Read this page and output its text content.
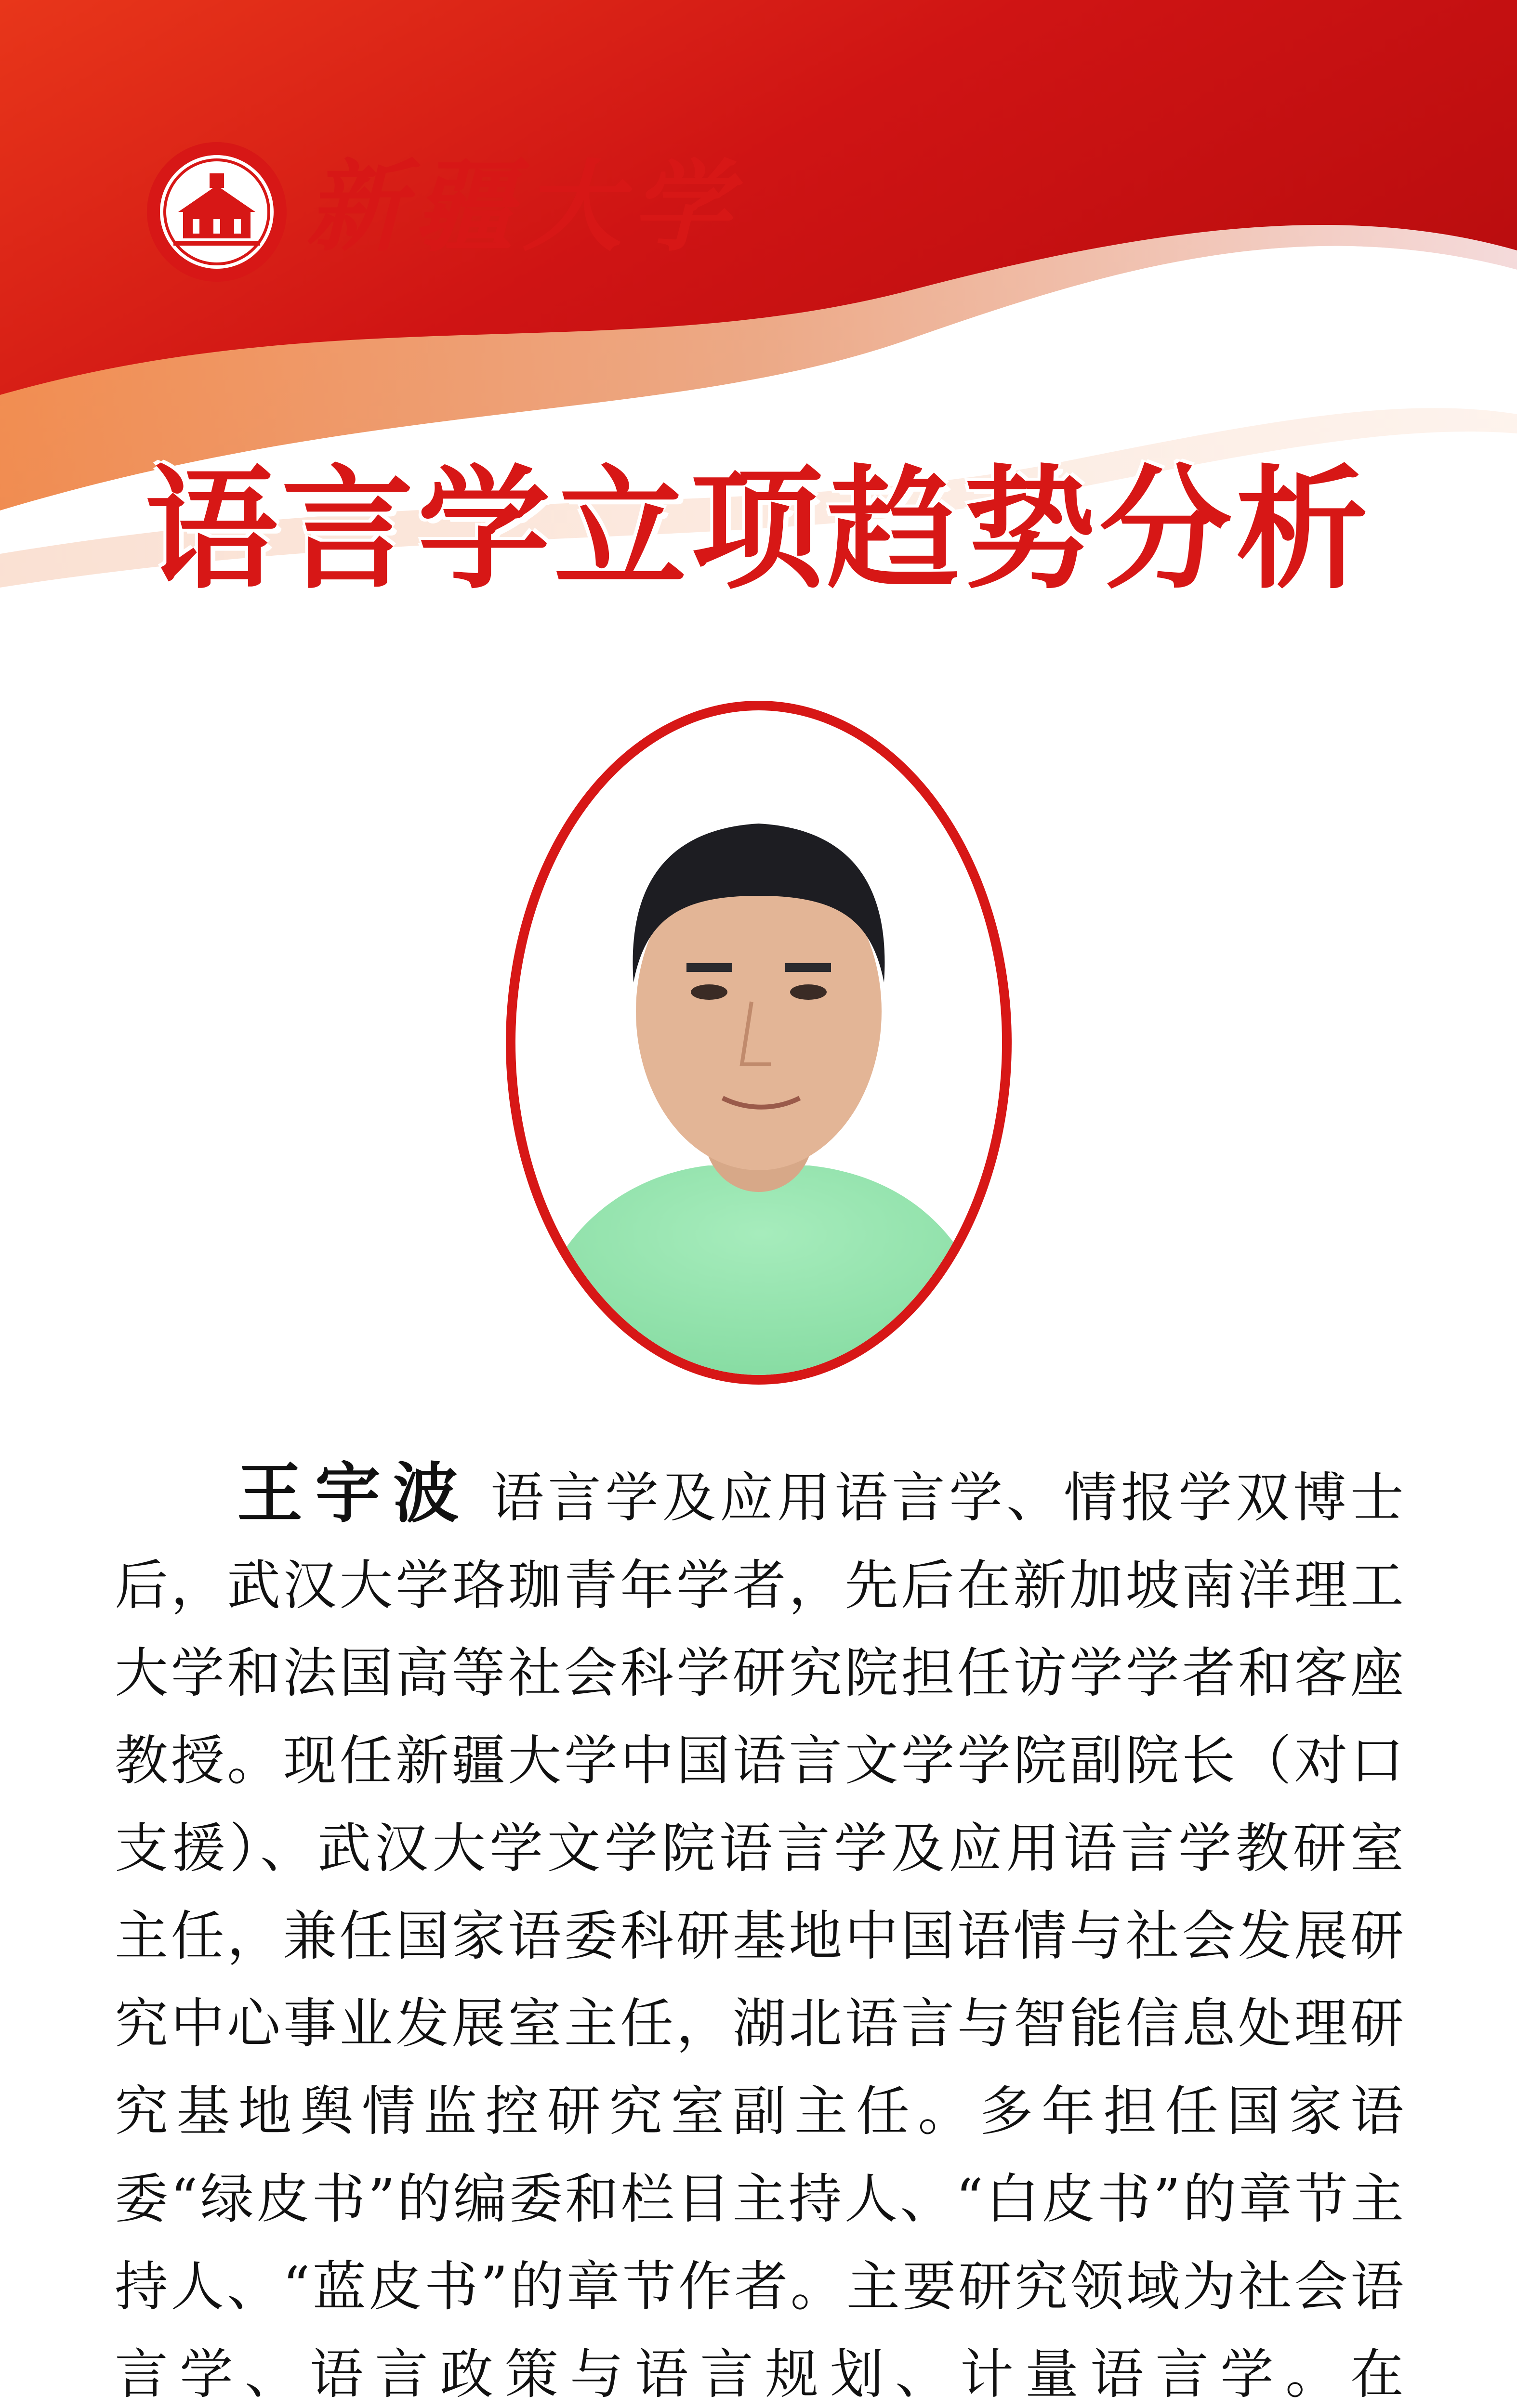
新疆大学
语言学立项趋势分析
王宇波 语言学及应用语言学、情报学双博士后，武汉大学珞珈青年学者，先后在新加坡南洋理工大学和法国高等社会科学研究院担任访学学者和客座教授。现任新疆大学中国语言文学学院副院长（对口支援）、武汉大学文学院语言学及应用语言学教研室主任，兼任国家语委科研基地中国语情与社会发展研究中心事业发展室主任，湖北语言与智能信息处理研究基地舆情监控研究室副主任。多年担任国家语委“绿皮书”的编委和栏目主持人、“白皮书”的章节主持人、“蓝皮书”的章节作者。主要研究领域为社会语言学、语言政策与语言规划、计量语言学。在
